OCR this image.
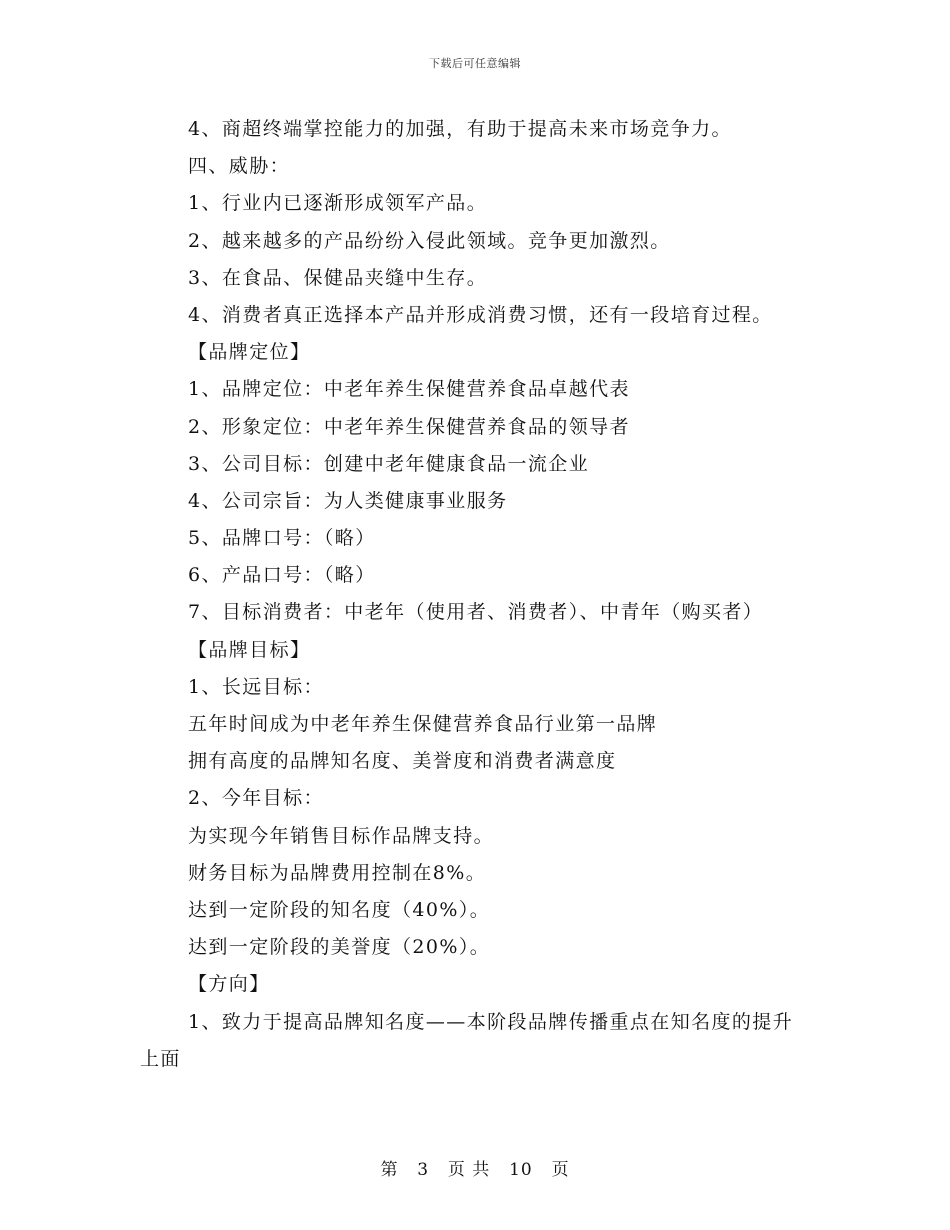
下载后可任意编辑
4、商超终端掌控能力的加强，有助于提高未来市场竞争力。
四、威胁：
1、行业内已逐渐形成领军产品。
2、越来越多的产品纷纷入侵此领域。竞争更加激烈。
3、在食品、保健品夹缝中生存。
4、消费者真正选择本产品并形成消费习惯，还有一段培育过程。
【品牌定位】
1、品牌定位：中老年养生保健营养食品卓越代表
2、形象定位：中老年养生保健营养食品的领导者
3、公司目标：创建中老年健康食品一流企业
4、公司宗旨：为人类健康事业服务
5、品牌口号：（略）
6、产品口号：（略）
7、目标消费者：中老年（使用者、消费者）、中青年（购买者）
【品牌目标】
1、长远目标：
五年时间成为中老年养生保健营养食品行业第一品牌
拥有高度的品牌知名度、美誉度和消费者满意度
2、今年目标：
为实现今年销售目标作品牌支持。
财务目标为品牌费用控制在8%。
达到一定阶段的知名度（40%）。
达到一定阶段的美誉度（20%）。
【方向】
1、致力于提高品牌知名度——本阶段品牌传播重点在知名度的提升上面
第 3 页 共 10 页
